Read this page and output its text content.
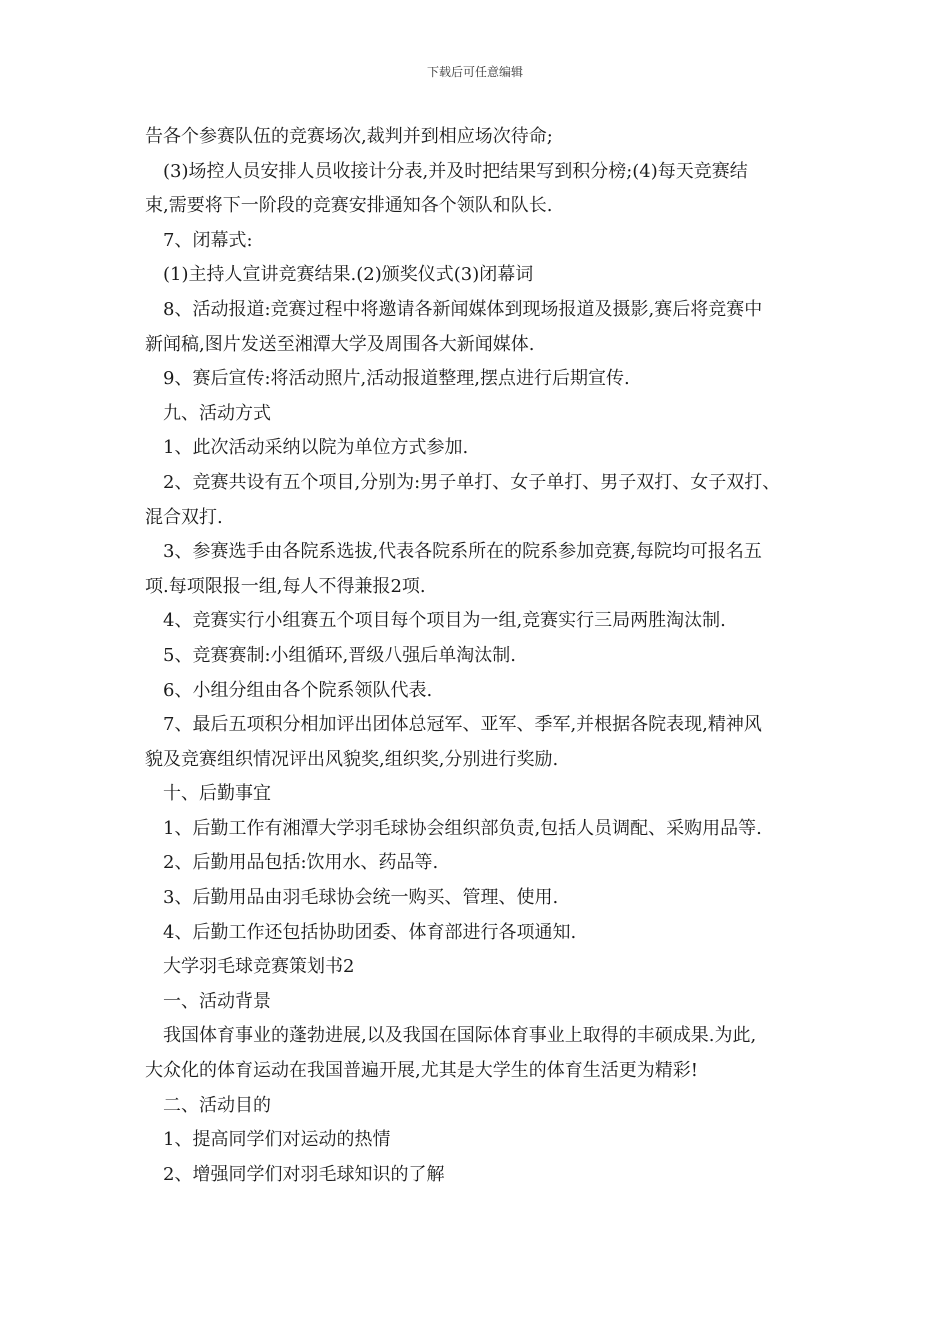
下载后可任意编辑

告各个参赛队伍的竞赛场次,裁判并到相应场次待命;

(3)场控人员安排人员收接计分表,并及时把结果写到积分榜;(4)每天竞赛结

束,需要将下一阶段的竞赛安排通知各个领队和队长.

7、闭幕式:

(1)主持人宣讲竞赛结果.(2)颁奖仪式(3)闭幕词

8、活动报道:竞赛过程中将邀请各新闻媒体到现场报道及摄影,赛后将竞赛中

新闻稿,图片发送至湘潭大学及周围各大新闻媒体.

9、赛后宣传:将活动照片,活动报道整理,摆点进行后期宣传.

九、活动方式

1、此次活动采纳以院为单位方式参加.

2、竞赛共设有五个项目,分别为:男子单打、女子单打、男子双打、女子双打、

混合双打.

3、参赛选手由各院系选拔,代表各院系所在的院系参加竞赛,每院均可报名五

项.每项限报一组,每人不得兼报2项.

4、竞赛实行小组赛五个项目每个项目为一组,竞赛实行三局两胜淘汰制.

5、竞赛赛制:小组循环,晋级八强后单淘汰制.

6、小组分组由各个院系领队代表.

7、最后五项积分相加评出团体总冠军、亚军、季军,并根据各院表现,精神风

貌及竞赛组织情况评出风貌奖,组织奖,分别进行奖励.

十、后勤事宜

1、后勤工作有湘潭大学羽毛球协会组织部负责,包括人员调配、采购用品等.

2、后勤用品包括:饮用水、药品等.

3、后勤用品由羽毛球协会统一购买、管理、使用.

4、后勤工作还包括协助团委、体育部进行各项通知.

大学羽毛球竞赛策划书2

一、活动背景

我国体育事业的蓬勃进展,以及我国在国际体育事业上取得的丰硕成果.为此,

大众化的体育运动在我国普遍开展,尤其是大学生的体育生活更为精彩!

二、活动目的

1、提高同学们对运动的热情

2、增强同学们对羽毛球知识的了解
